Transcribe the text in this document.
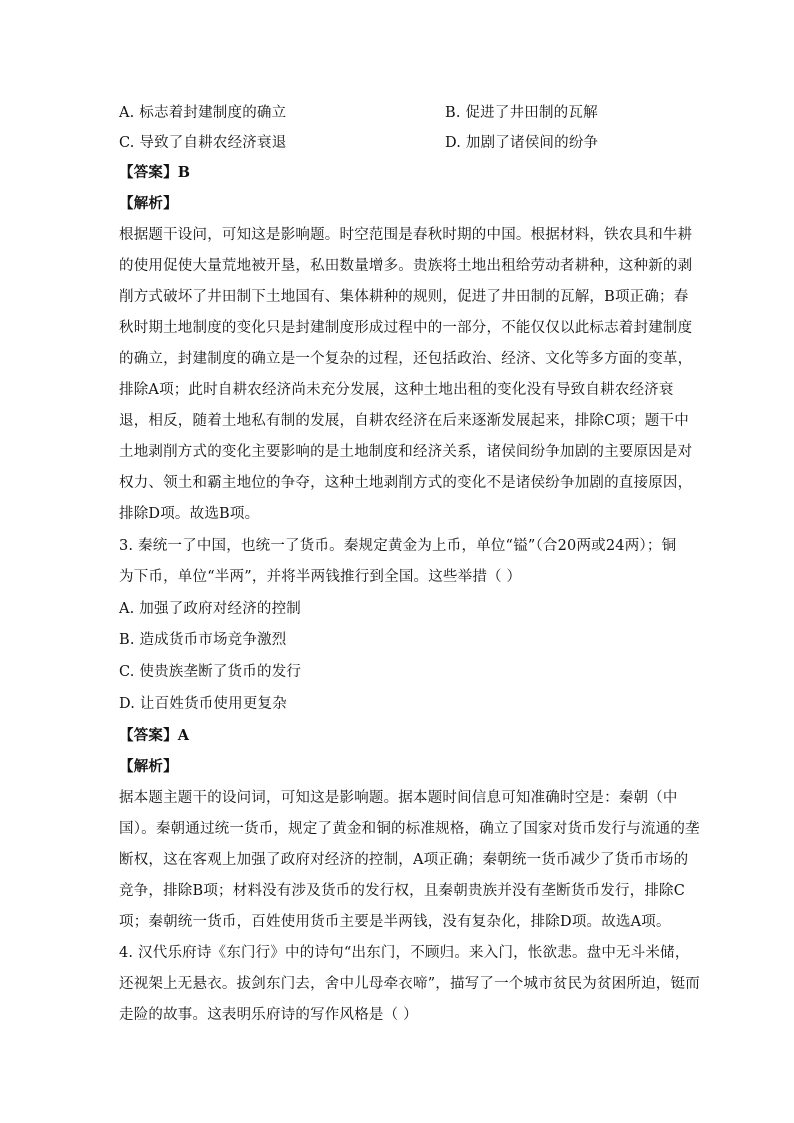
A. 标志着封建制度的确立	B. 促进了井田制的瓦解
C. 导致了自耕农经济衰退	D. 加剧了诸侯间的纷争
【答案】B
【解析】
根据题干设问，可知这是影响题。时空范围是春秋时期的中国。根据材料，铁农具和牛耕
的使用促使大量荒地被开垦，私田数量增多。贵族将土地出租给劳动者耕种，这种新的剥
削方式破坏了井田制下土地国有、集体耕种的规则，促进了井田制的瓦解，B项正确；春
秋时期土地制度的变化只是封建制度形成过程中的一部分，不能仅仅以此标志着封建制度
的确立，封建制度的确立是一个复杂的过程，还包括政治、经济、文化等多方面的变革，
排除A项；此时自耕农经济尚未充分发展，这种土地出租的变化没有导致自耕农经济衰
退，相反，随着土地私有制的发展，自耕农经济在后来逐渐发展起来，排除C项；题干中
土地剥削方式的变化主要影响的是土地制度和经济关系，诸侯间纷争加剧的主要原因是对
权力、领土和霸主地位的争夺，这种土地剥削方式的变化不是诸侯纷争加剧的直接原因，
排除D项。故选B项。
3. 秦统一了中国，也统一了货币。秦规定黄金为上币，单位“镒”（合20两或24两）；铜
为下币，单位“半两”，并将半两钱推行到全国。这些举措（ ）
A. 加强了政府对经济的控制
B. 造成货币市场竞争激烈
C. 使贵族垄断了货币的发行
D. 让百姓货币使用更复杂
【答案】A
【解析】
据本题主题干的设问词，可知这是影响题。据本题时间信息可知准确时空是：秦朝（中
国）。秦朝通过统一货币，规定了黄金和铜的标准规格，确立了国家对货币发行与流通的垄
断权，这在客观上加强了政府对经济的控制，A项正确；秦朝统一货币减少了货币市场的
竞争，排除B项；材料没有涉及货币的发行权，且秦朝贵族并没有垄断货币发行，排除C
项；秦朝统一货币，百姓使用货币主要是半两钱，没有复杂化，排除D项。故选A项。
4. 汉代乐府诗《东门行》中的诗句“出东门，不顾归。来入门，怅欲悲。盘中无斗米储，
还视架上无悬衣。拔剑东门去，舍中儿母牵衣啼”，描写了一个城市贫民为贫困所迫，铤而
走险的故事。这表明乐府诗的写作风格是（ ）
